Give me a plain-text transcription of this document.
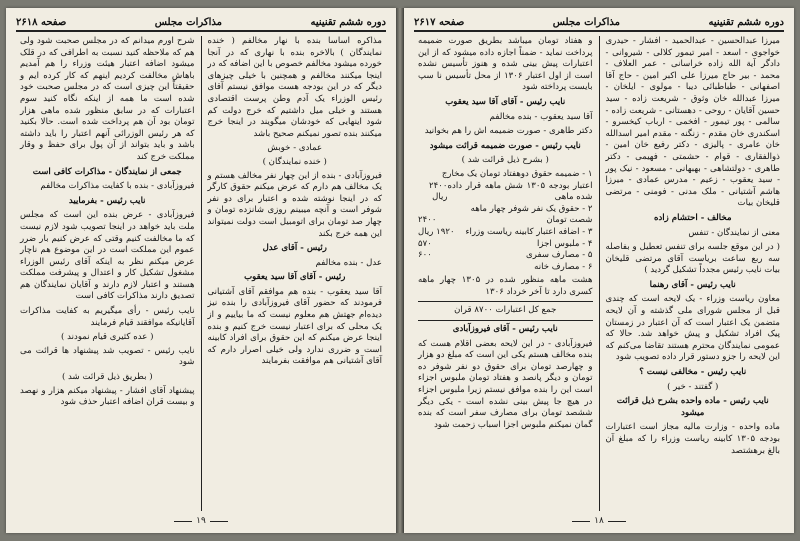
دوره ششم تقنینیه
مذاکرات مجلس
صفحه ۲۶۱۸

مذاکره اساساً بنده با نهار مخالفم ( خنده نمایندگان ) بالاخره بنده با نهاری که در آنجا خورده میشود مخالفم خصوص با این اضافه که در اینجا میکنند مخالفم و همچنین با خیلی چیزهای دیگر که در این بودجه هست موافق نیستم آقای رئیس الوزراء یک آدم وطن پرست اقتصادی هستند و خیلی میل داشتیم که خرج دولت کم شود اینهایی که خودشان میگویند در اینجا خرج میکنند بنده تصور نمیکنم صحیح باشد

عمادی - خوبش

( خنده نمایندگان )

فیروزآبادی - بنده از این چهار نفر مخالف هستم و یک مخالف هم دارم که عرض میکنم حقوق کارگر که در اینجا نوشته شده و اعتبار برای دو نفر شوفر است و آنچه میبینم روزی شانزده تومان و چهار صد تومان برای اتومبیل است دولت نمیتواند این همه خرج بکند

رئیس - آقای عدل

عدل - بنده مخالفم

رئیس - آقای آقا سید یعقوب

آقا سید یعقوب - بنده هم موافقم آقای آشتیانی فرمودند که حضور آقای فیروزآبادی را بنده نیز دیده‌ام جهتش هم معلوم نیست که ما بیاییم و از یک محلی که برای اعتبار نیست خرج کنیم و بنده اینجا عرض میکنم که این حقوق برای افراد کابینه است و ضرری ندارد ولی خیلی اصرار دارم که آقای آشتیانی هم موافقت بفرمایند

شرح آورم میدانم که در مجلس صحبت شود ولی هم که ملاحظه کنید نسبت به اطرافی که در قلک میشود اضافه اعتبار هیئت وزراء را هم آمدیم باهاش مخالفت کردیم اینهم که کار کرده ایم و حقیقتاً این چیزی است که در مجلس صحبت خود شده است ما همه از اینکه نگاه کنید سوم اعتبارات که در سابق منظور شده ماهی هزار تومان بود آن هم پرداخت شده است. حالا بکنید که هر رئیس الوزرائی آنهم اعتبار را باید داشته باشد و باید بتواند از آن پول برای حفظ و وقار مملکت خرج کند

جمعی از نمایندگان - مذاکرات کافی است

فیروزآبادی - بنده با کفایت مذاکرات مخالفم

نایب رئیس - بفرمایید

فیروزآبادی - عرض بنده این است که مجلس ملت باید خواهد در اینجا تصویب شود لازم نیست که ما مخالفت کنیم وقتی که عرض کنیم بار ضرر عموم این مملکت است در این موضوع هم ناچار عرض میکنم نظر به اینکه آقای رئیس الوزراء مشغول تشکیل کار و اعتدال و پیشرفت مملکت هستند و اعتبار لازم دارند و آقایان نمایندگان هم تصدیق دارند مذاکرات کافی است

نایب رئیس - رأی میگیریم به کفایت مذاکرات آقایانیکه موافقند قیام فرمایند

( عده کثیری قیام نمودند )

نایب رئیس - تصویب شد پیشنهاد ها قرائت می شود

( بطریق ذیل قرائت شد )

پیشنهاد آقای افشار - پیشنهاد میکنم هزار و نهصد و بیست قران اضافه اعتبار حذف شود

۱۹
دوره ششم تقنینیه
مذاکرات مجلس
صفحه ۲۶۱۷

میرزا عبدالحسین - عبدالحمید - افشار - حیدری خواجوی - اسعد - امیر تیمور کلالی - شیروانی - دادگر آیة الله زاده خراسانی - عمر العلاف - محمد - بیر حاج میرزا علی اکبر امین - حاج آقا اصفهانی - طباطبائی دیبا - مولوی - ایلخان - میرزا عبدالله خان وثوق - شریعت زاده - سید حسین آقایان - روحی - دهستانی - شریعت زاده - سالمی - پور تیمور - افخمی - ارباب کیخسرو - اسکندری خان مقدم - زنگنه - مقدم امیر اسدالله خان عامری - پالیزی - دکتر رفیع خان امین - ذوالفقاری - قوام - حشمتی - فهیمی - دکتر طاهری - دولتشاهی - بهبهانی - مسعود - نیک پور - سید یعقوب - زعیم - مدرس عمادی - میرزا هاشم آشتیانی - ملک مدنی - فومنی - مرتضی قلیخان بیات

مخالف - احتشام زاده

معنی از نمایندگان - تنفس

( در این موقع جلسه برای تنفس تعطیل و بفاصله سه ربع ساعت بریاست آقای مرتضی قلیخان بیات نایب رئیس مجدداً تشکیل گردید )

نایب رئیس - آقای رهنما

معاون ریاست وزراء - یک لایحه است که چندی قبل از مجلس شورای ملی گذشته و آن لایحه متضمن یک اعتبار است که آن اعتبار در زمستان پیک افراد تشکیل و پیش خواهد شد. حالا که عمومی نمایندگان محترم هستند تقاضا می‌کنم که این لایحه را جزو دستور قرار داده تصویب شود

نایب رئیس - مخالفی نیست ؟

( گفتند - خیر )

نایب رئیس - ماده واحده بشرح ذیل قرائت میشود

ماده واحده - وزارت مالیه مجاز است اعتبارات بودجه ۱۳۰۵ کابینه ریاست وزراء را که مبلغ آن بالغ برهشتصد

و هفتاد تومان میباشد بطریق صورت ضمیمه پرداخت نماید - ضمناً اجازه داده میشود که از این اعتبارات پیش بینی شده و هنوز تأسیس نشده است از اول اعتبار ۱۳۰۶ از محل تأسیس نا سپ بایست پرداخته شود

نایب رئیس - آقای آقا سید یعقوب

آقا سید یعقوب - بنده مخالفم

دکتر طاهری - صورت ضمیمه اش را هم بخوانید

نایب رئیس - صورت ضمیمه قرائت میشود

( بشرح ذیل قرائت شد )

۱ - ضمیمه حقوق دوهفتاد تومان یک مخارج
اعتبار بودجه ۱۳۰۵ شش ماهه قرار داده شده ماهی
۲۴۰۰ ریال
۲ - حقوق یک نفر شوفر چهار ماهه
شصت تومان
۲۴۰۰
۳ - اضافه اعتبار کابینه ریاست وزراء
۱۹۲۰ ریال
۴ - ملبوس اجزا
۵۷۰
۵ - مصارف سفری
۶۰۰
۶ - مصارف خانه

هشت ماهه منظور شده در ۱۳۰۵ چهار ماهه کسری دارد تا آخر خرداد ۱۳۰۶

جمع کل اعتبارات ۸۷۰۰ قران

نایب رئیس - آقای فیروزآبادی

فیروزآبادی - در این لایحه بعضی اقلام هست که بنده مخالف هستم یکی این است که مبلغ دو هزار و چهارصد تومان برای حقوق دو نفر شوفر ده تومان و دیگر پانصد و هفتاد تومان ملبوس اجزاء است این را بنده موافق نیستم زیرا ملبوس اجزاء در هیچ جا پیش بینی نشده است - یکی دیگر ششصد تومان برای مصارف سفر است که بنده گمان نمیکنم ملبوس اجزا اسباب زحمت شود

۱۸
